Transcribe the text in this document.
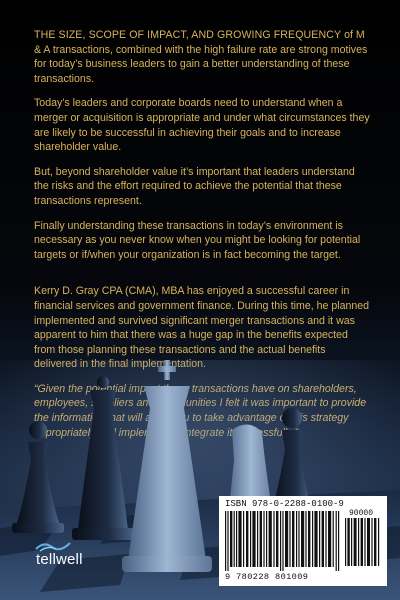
THE SIZE, SCOPE OF IMPACT, AND GROWING FREQUENCY of M & A transactions, combined with the high failure rate are strong motives for today’s business leaders to gain a better understanding of these transactions.

Today’s leaders and corporate boards need to understand when a merger or acquisition is appropriate and under what circumstances they are likely to be successful in achieving their goals and to increase shareholder value.

But, beyond shareholder value it’s important that leaders understand the risks and the effort required to achieve the potential that these transactions represent.

Finally understanding these transactions in today’s environment is necessary as you never know when you might be looking for potential targets or if/when your organization is in fact becoming the target.

Kerry D. Gray CPA (CMA), MBA has enjoyed a successful career in financial services and government finance. During this time, he planned implemented and survived significant merger transactions and it was apparent to him that there was a huge gap in the benefits expected from those planning these transactions and the actual benefits

tellwell
ISBN 978-0-2288-0100-9
90000
9 780228 801009
